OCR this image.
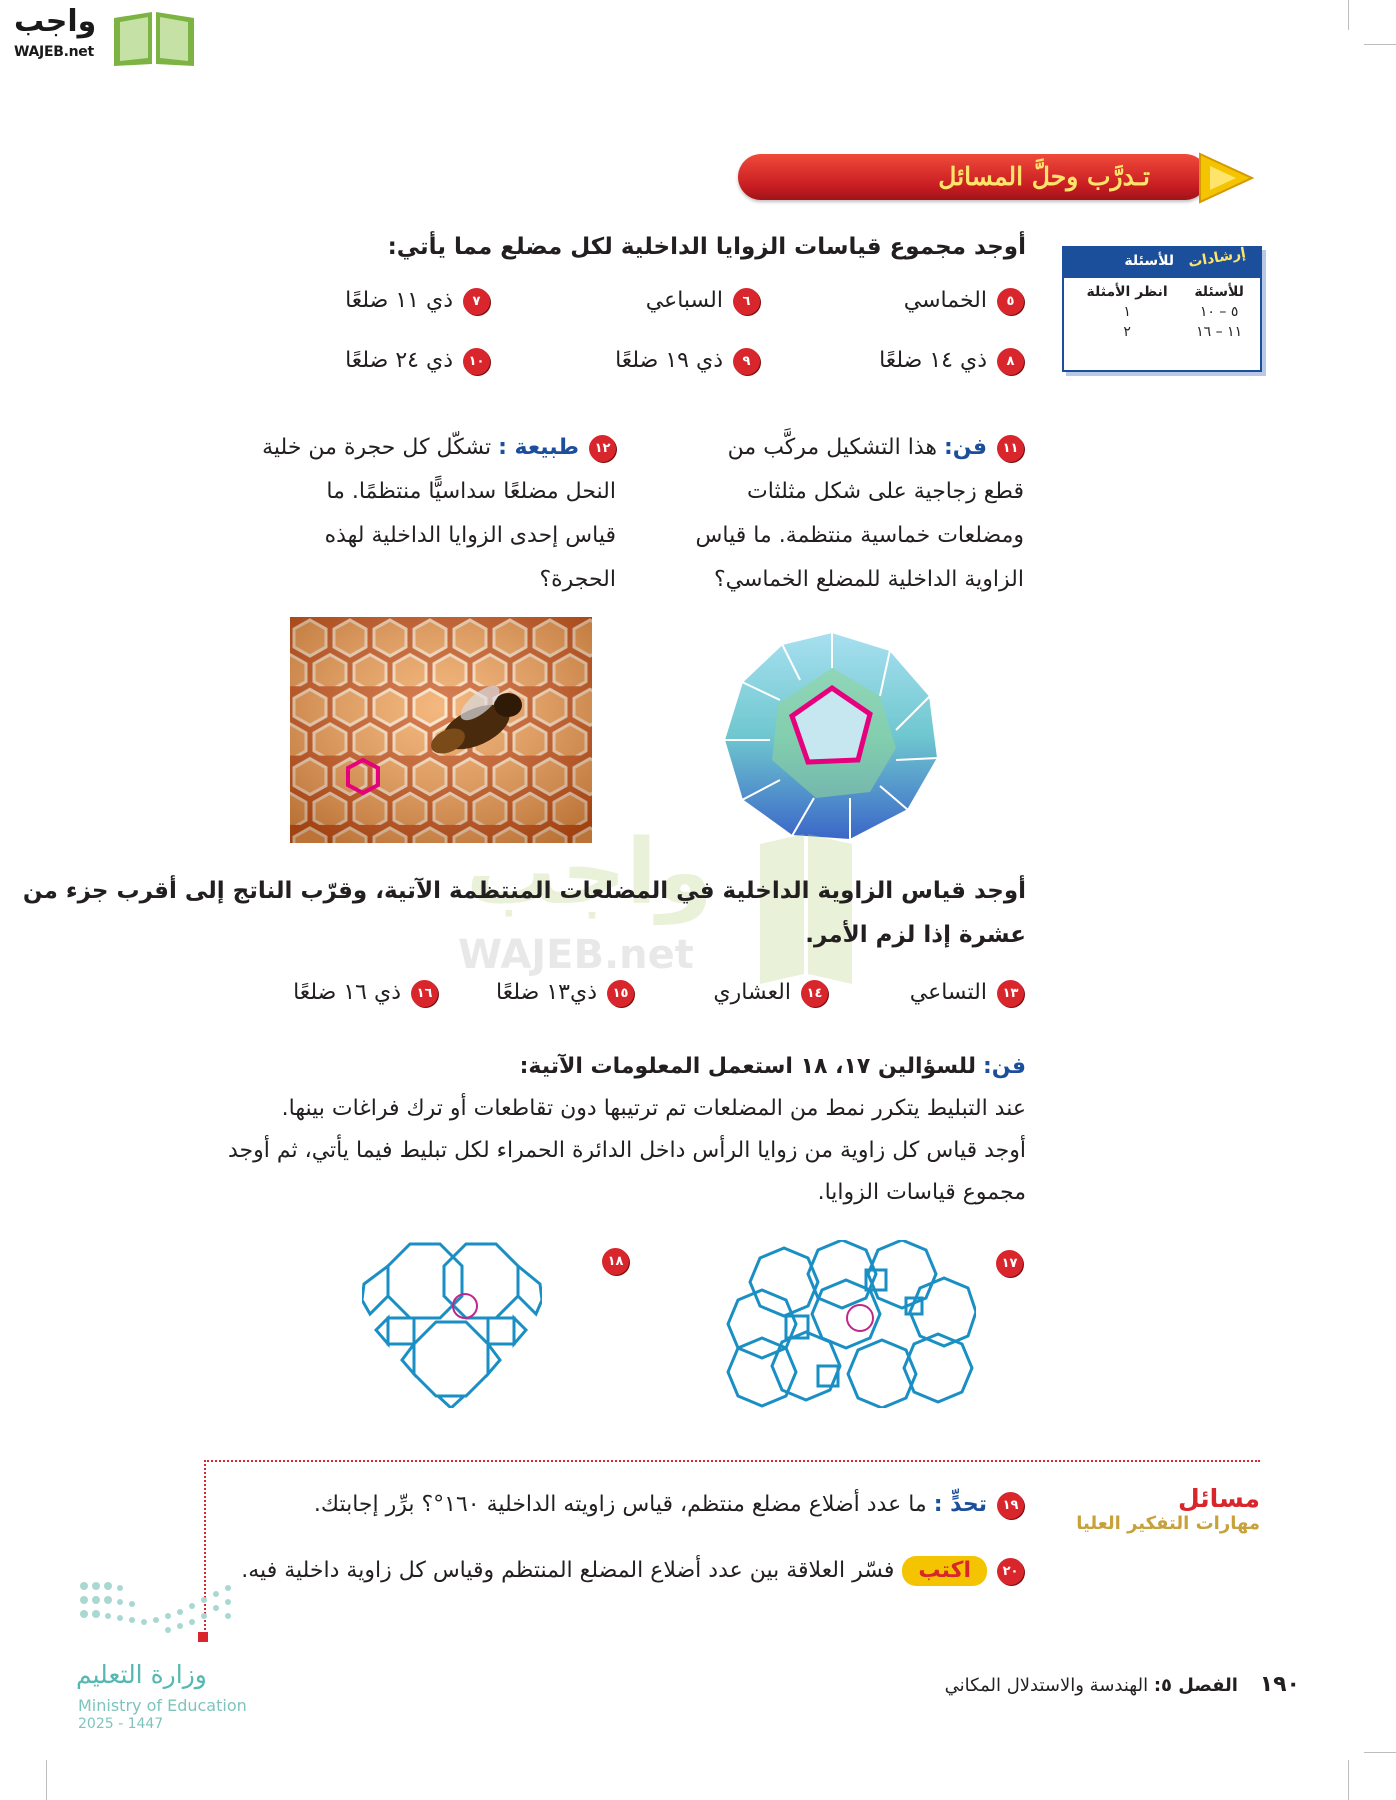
واجب
WAJEB.net
تـدرَّب وحلَّ المسائل
إرشادات
للأسئلة
للأسئلة	انظر الأمثلة
٥ – ١٠	١
١١ – ١٦	٢
أوجد مجموع قياسات الزوايا الداخلية لكل مضلع مما يأتي:
٥الخماسي
٦السباعي
٧ذي ١١ ضلعًا
٨ذي ١٤ ضلعًا
٩ذي ١٩ ضلعًا
١٠ذي ٢٤ ضلعًا
١١فن: هذا التشكيل مركَّب من
قطع زجاجية على شكل مثلثات
ومضلعات خماسية منتظمة. ما قياس
الزاوية الداخلية للمضلع الخماسي؟
١٢طبيعة : تشكّل كل حجرة من خلية
النحل مضلعًا سداسيًّا منتظمًا. ما
قياس إحدى الزوايا الداخلية لهذه
الحجرة؟
واجب
WAJEB.net
أوجد قياس الزاوية الداخلية في المضلعات المنتظمة الآتية، وقرّب الناتج إلى أقرب جزء من
عشرة إذا لزم الأمر.
١٣التساعي
١٤العشاري
١٥ذي١٣ ضلعًا
١٦ذي ١٦ ضلعًا
فن: للسؤالين ١٧، ١٨ استعمل المعلومات الآتية:
عند التبليط يتكرر نمط من المضلعات تم ترتيبها دون تقاطعات أو ترك فراغات بينها.
أوجد قياس كل زاوية من زوايا الرأس داخل الدائرة الحمراء لكل تبليط فيما يأتي، ثم أوجد
مجموع قياسات الزوايا.
١٧
١٨
مسائل
مهارات التفكير العليا
١٩تحدٍّ : ما عدد أضلاع مضلع منتظم، قياس زاويته الداخلية ١٦٠°؟ برِّر إجابتك.
٢٠اكتبفسّر العلاقة بين عدد أضلاع المضلع المنتظم وقياس كل زاوية داخلية فيه.
وزارة التعليم
Ministry of Education
2025 - 1447
١٩٠ الفصل ٥: الهندسة والاستدلال المكاني
